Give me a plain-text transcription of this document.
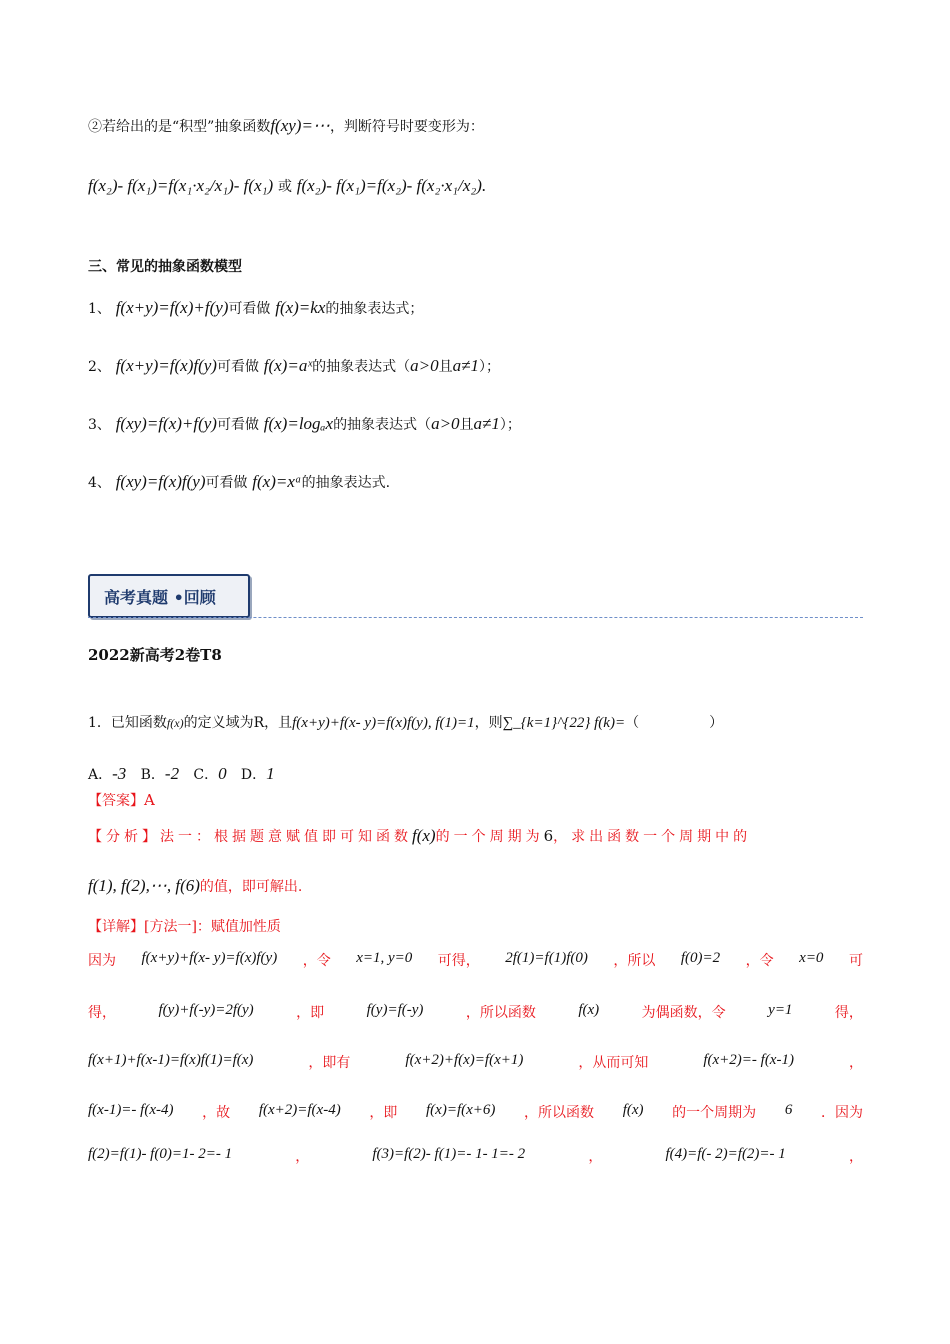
②若给出的是“积型”抽象函数f(xy)=⋯，判断符号时要变形为：
f(x₂)- f(x₁)=f(x₁·x₂/x₁)- f(x₁) 或 f(x₂)- f(x₁)=f(x₂)- f(x₂·x₁/x₂).
三、常见的抽象函数模型
1、 f(x+y)=f(x)+f(y)可看做 f(x)=kx的抽象表达式；
2、 f(x+y)=f(x)f(y)可看做 f(x)=aˣ的抽象表达式（a>0且a≠1）；
3、 f(xy)=f(x)+f(y)可看做 f(x)=logₐx的抽象表达式（a>0且a≠1）；
4、 f(xy)=f(x)f(y)可看做 f(x)=xᵃ的抽象表达式.
高考真题 •回顾
2022新高考2卷T8
1．已知函数f(x)的定义域为R，且f(x+y)+f(x- y)=f(x)f(y), f(1)=1，则∑_{k=1}^{22} f(k)=（　　　　　）
A．-3 B．-2 C．0 D．1
【答案】A
【分析】法一：根据题意赋值即可知函数f(x)的一个周期为6，求出函数一个周期中的
f(1), f(2),⋯, f(6)的值，即可解出.
【详解】[方法一]：赋值加性质
因为 f(x+y)+f(x- y)=f(x)f(y) ，令 x=1, y=0 可得， 2f(1)=f(1)f(0) ，所以 f(0)=2 ，令 x=0 可
得，	f(y)+f(-y)=2f(y)	，即	f(y)=f(-y)	，所以函数	f(x)	为偶函数，令	y=1	得，
f(x+1)+f(x-1)=f(x)f(1)=f(x)	，即有	f(x+2)+f(x)=f(x+1)	，从而可知	f(x+2)=- f(x-1)	，
f(x-1)=- f(x-4) ，故 f(x+2)=f(x-4) ，即 f(x)=f(x+6) ，所以函数 f(x) 的一个周期为 6 ．因为
f(2)=f(1)- f(0)=1- 2=- 1	，	f(3)=f(2)- f(1)=- 1- 1=- 2	，	f(4)=f(- 2)=f(2)=- 1	，
